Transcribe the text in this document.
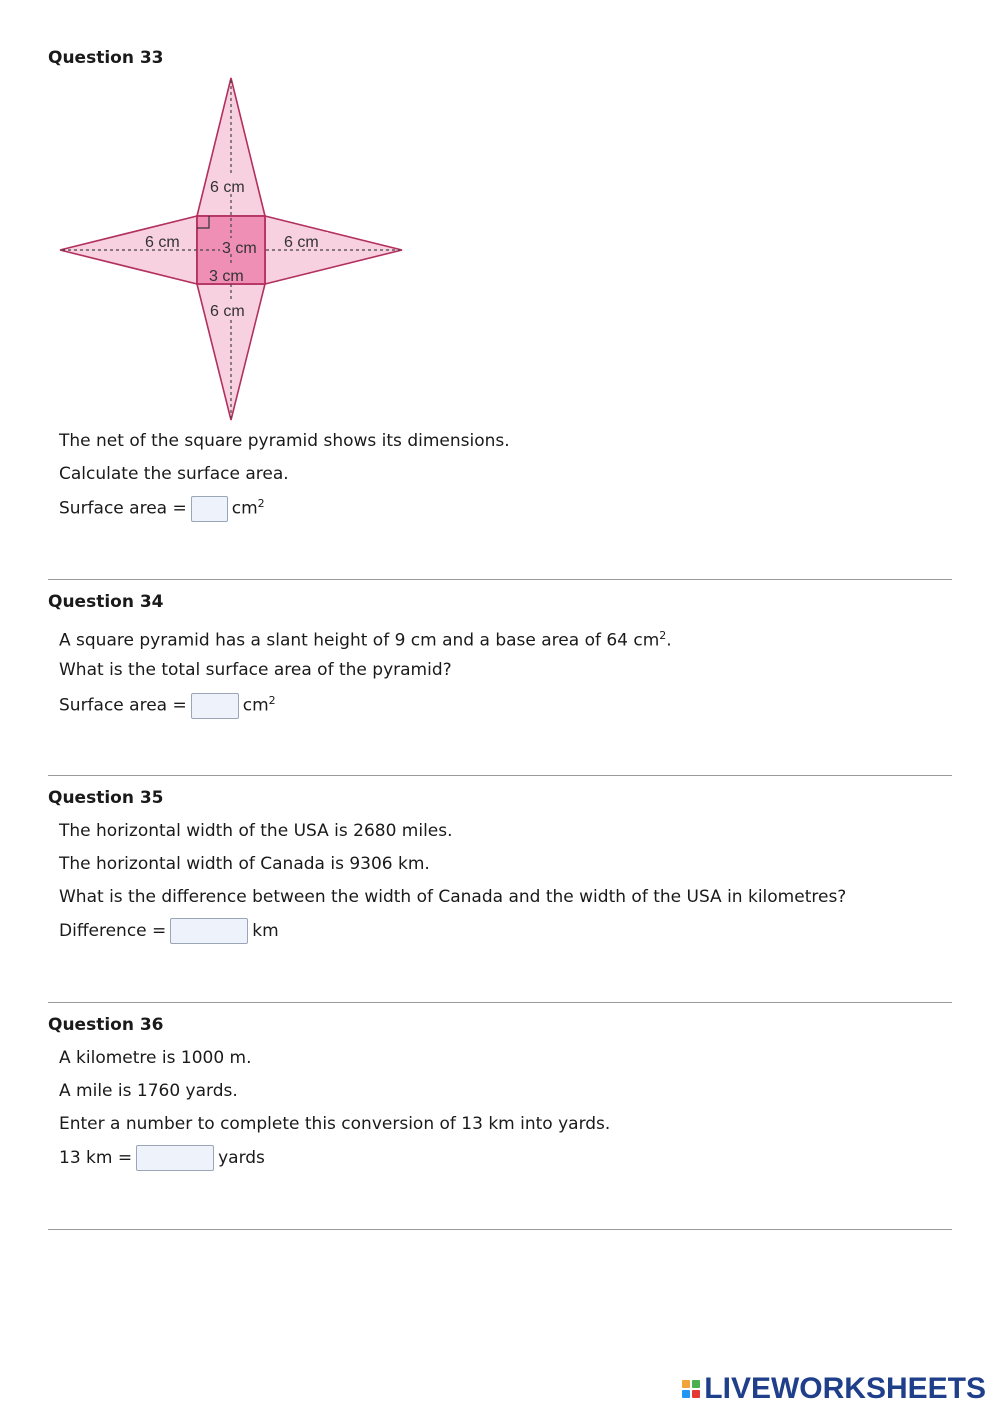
Question 33
6 cm
6 cm	6 cm
3 cm
3 cm
6 cm
The net of the square pyramid shows its dimensions.
Calculate the surface area.
Surface area =	$cm^2$
Question 34
A square pyramid has a slant height of 9 cm and a base area of 64 $cm^2$.
What is the total surface area of the pyramid?
Surface area =	$cm^2$
Question 35
The horizontal width of the USA is 2680 miles.
The horizontal width of Canada is 9306 km.
What is the difference between the width of Canada and the width of the USA in kilometres?
Difference =	km
Question 36
A kilometre is 1000 m.
A mile is 1760 yards.
Enter a number to complete this conversion of 13 km into yards.
13 km =	yards
LIVEWORKSHEETS
